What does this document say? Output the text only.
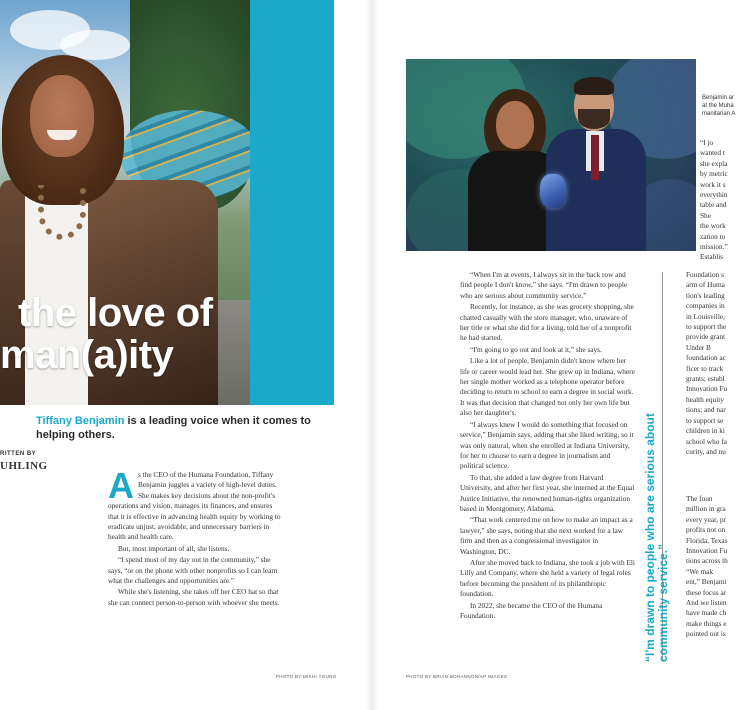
the love of
man(a)ity
Tiffany Benjamin is a leading voice when it comes to helping others.
RITTEN BY
UHLING As the CEO of the Humana Foundation, Tiffany Benjamin juggles a variety of high-level duties. She makes key decisions about the non-profit's operations and vision, manages its finances, and ensures that it is effective in advancing health equity by working to eradicate unjust, avoidable, and unnecessary barriers in health and health care.

But, most important of all, she listens.

“I spend most of my day out in the community,” she says, “or on the phone with other nonprofits so I can learn what the challenges and opportunities are.”

While she's listening, she takes off her CEO hat so that she can connect person-to-person with whoever she meets.

PHOTO BY MIKHI YOUNG
Benjamin ar
at the Muha
manitarian A

“When I'm at events, I always sit in the back row and find people I don't know,” she says. “I'm drawn to people who are serious about community service.”

Recently, for instance, as she was grocery shopping, she chatted casually with the store manager, who, unaware of her title or what she did for a living, told her of a nonprofit he had started.

“I'm going to go out and look at it,” she says.

Like a lot of people, Benjamin didn't know where her life or career would lead her. She grew up in Indiana, where her single mother worked as a telephone operator before deciding to return to school to earn a degree in social work. It was that decision that changed not only her own life but also her daughter's.

“I always knew I would do something that focused on service,” Benjamin says, adding that she liked writing, so it was only natural, when she enrolled at Indiana University, for her to choose to earn a degree in journalism and political science.

To that, she added a law degree from Harvard University, and after her first year, she interned at the Equal Justice Initiative, the renowned human-rights organization based in Montgomery, Alabama.

“That work centered me on how to make an impact as a lawyer,” she says, noting that she next worked for a law firm and then as a congressional investigator in Washington, DC.

After she moved back to Indiana, she took a job with Eli Lilly and Company, where she held a variety of legal roles before becoming the president of its philanthropic foundation.

In 2022, she became the CEO of the Humana Foundation.	“I'm drawn to people who are serious about community service.”
“I jo
wanted t
she expla
by metric
work it s
everythin
table and
She
the work
zation to
mission.”
Establis
Foundation s
arm of Huma
tion's leading
companies in
in Louisville,
to support the
provide grant
Under B
foundation ac
ficer to track
grants; establ
Innovation Fu
health equity
tions; and nar
to support se
children in ki
school who fa
curity, and nu
The foun
million in gra
every year, pr
profits not on
Florida, Texas
Innovation Fu
tions across th
“We mak
ent,” Benjami
these focus ar
And we listen
have made ch
make things e
pointed out is
PHOTO BY BRIAN BOHANNON/AP IMAGES
